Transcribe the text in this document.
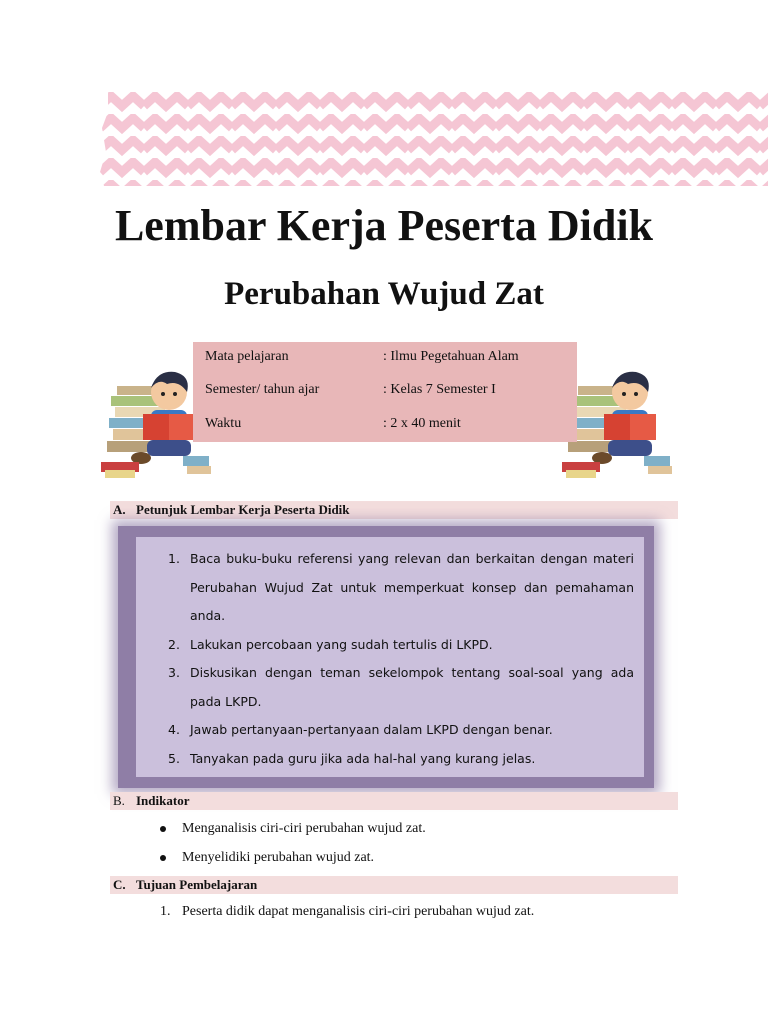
Lembar Kerja Peserta Didik
Perubahan Wujud Zat
Mata pelajaran	: Ilmu Pegetahuan Alam
Semester/ tahun ajar	: Kelas 7 Semester I
Waktu	: 2 x 40 menit
A. Petunjuk Lembar Kerja Peserta Didik
1. Baca buku-buku referensi yang relevan dan berkaitan dengan materi Perubahan Wujud Zat untuk memperkuat konsep dan pemahaman anda.
2. Lakukan percobaan yang sudah tertulis di LKPD.
3. Diskusikan dengan teman sekelompok tentang soal-soal yang ada pada LKPD.
4. Jawab pertanyaan-pertanyaan dalam LKPD dengan benar.
5. Tanyakan pada guru jika ada hal-hal yang kurang jelas.
B. Indikator
Menganalisis ciri-ciri perubahan wujud zat.
Menyelidiki perubahan wujud zat.
C. Tujuan Pembelajaran
1. Peserta didik dapat menganalisis ciri-ciri perubahan wujud zat.
